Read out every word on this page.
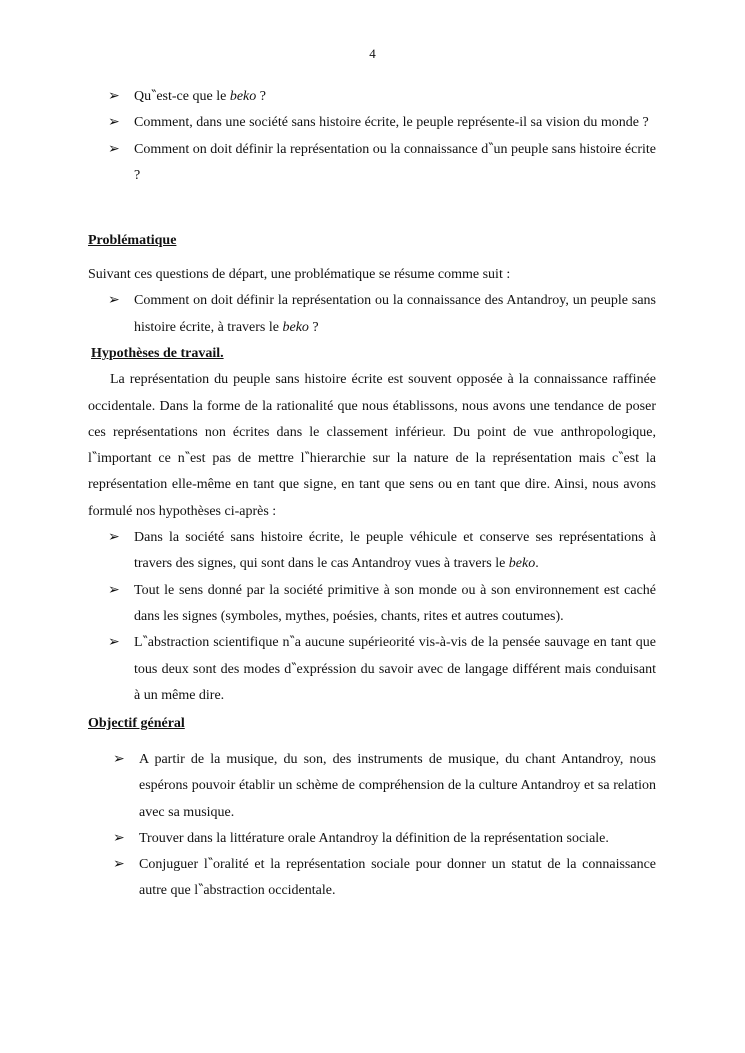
4
➢	Qu‶est-ce que le beko ?
➢	Comment, dans une société sans histoire écrite, le peuple représente-il sa vision du monde ?
➢	Comment on doit définir la représentation ou la connaissance d‶un peuple sans histoire écrite ?
Problématique
Suivant ces questions de départ, une problématique se résume comme suit :
➢	Comment on doit définir la représentation ou la connaissance des Antandroy, un peuple sans histoire écrite, à travers le beko ?
Hypothèses de travail.
La représentation du peuple sans histoire écrite est souvent opposée à la connaissance raffinée occidentale. Dans la forme de la rationalité que nous établissons, nous avons une tendance de poser ces représentations non écrites dans le classement inférieur. Du point de vue anthropologique, l‶important ce n‶est pas de mettre l‶hierarchie sur la nature de la représentation mais c‶est la représentation elle-même en tant que signe, en tant que sens ou en tant que dire. Ainsi, nous avons formulé nos hypothèses ci-après :
➢	Dans la société sans histoire écrite, le peuple véhicule et conserve ses représentations à travers des signes, qui sont dans le cas Antandroy vues à travers le beko.
➢	Tout le sens donné par la société primitive à son monde ou à son environnement est caché dans les signes (symboles, mythes, poésies, chants, rites et autres coutumes).
➢	L‶abstraction scientifique n‶a aucune supérieorité vis-à-vis de la pensée sauvage en tant que tous deux sont des modes d‶expréssion du savoir avec de langage différent mais conduisant à un même dire.
Objectif général
➢	A partir de la musique, du son, des instruments de musique, du chant Antandroy, nous espérons pouvoir établir un schème de compréhension de la culture Antandroy et sa relation avec sa musique.
➢	Trouver dans la littérature orale Antandroy la définition de la représentation sociale.
➢	Conjuguer l‶oralité et la représentation sociale pour donner un statut de la connaissance autre que l‶abstraction occidentale.
